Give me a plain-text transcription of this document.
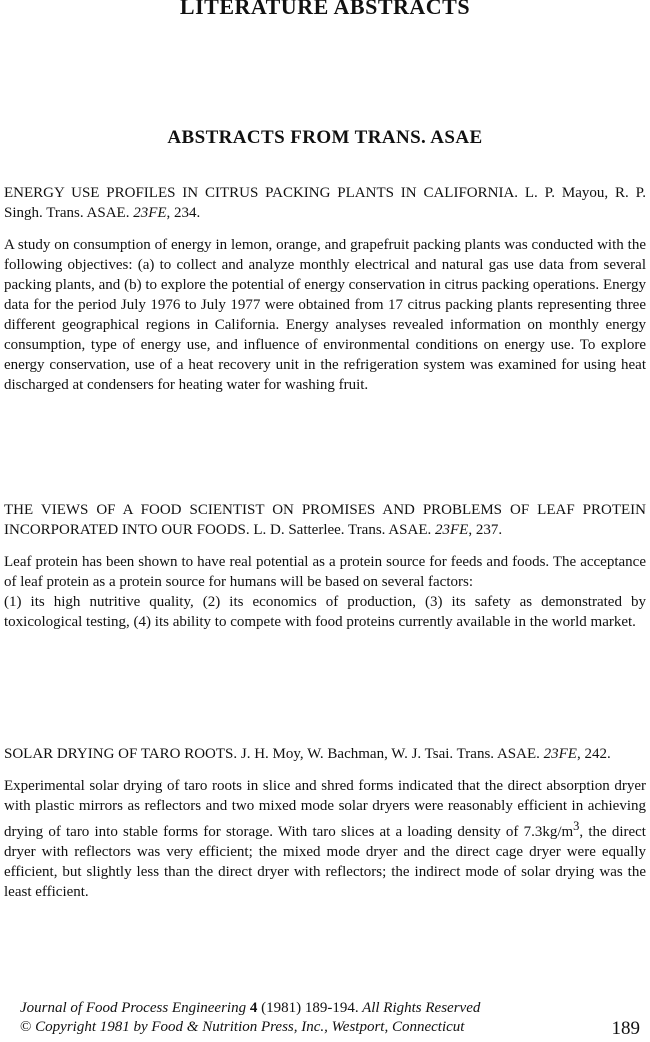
LITERATURE ABSTRACTS
ABSTRACTS FROM TRANS. ASAE

ENERGY USE PROFILES IN CITRUS PACKING PLANTS IN CALIFORNIA. L. P. Mayou, R. P. Singh. Trans. ASAE. 23FE, 234.

A study on consumption of energy in lemon, orange, and grapefruit packing plants was conducted with the following objectives: (a) to collect and analyze monthly electrical and natural gas use data from several packing plants, and (b) to explore the potential of energy conservation in citrus packing operations. Energy data for the period July 1976 to July 1977 were obtained from 17 citrus packing plants representing three different geographical regions in California. Energy analyses revealed information on monthly energy consumption, type of energy use, and influence of environmental conditions on energy use. To explore energy conservation, use of a heat recovery unit in the refrigeration system was examined for using heat discharged at condensers for heating water for washing fruit.

THE VIEWS OF A FOOD SCIENTIST ON PROMISES AND PROBLEMS OF LEAF PROTEIN INCORPORATED INTO OUR FOODS. L. D. Satterlee. Trans. ASAE. 23FE, 237.

Leaf protein has been shown to have real potential as a protein source for feeds and foods. The acceptance of leaf protein as a protein source for humans will be based on several factors:
(1) its high nutritive quality, (2) its economics of production, (3) its safety as demonstrated by toxicological testing, (4) its ability to compete with food proteins currently available in the world market.

SOLAR DRYING OF TARO ROOTS. J. H. Moy, W. Bachman, W. J. Tsai. Trans. ASAE. 23FE, 242.

Experimental solar drying of taro roots in slice and shred forms indicated that the direct absorption dryer with plastic mirrors as reflectors and two mixed mode solar dryers were reasonably efficient in achieving drying of taro into stable forms for storage. With taro slices at a loading density of $7.3kg/m^3$, the direct dryer with reflectors was very efficient; the mixed mode dryer and the direct cage dryer were equally efficient, but slightly less than the direct dryer with reflectors; the indirect mode of solar drying was the least efficient.

Journal of Food Process Engineering 4 (1981) 189-194. All Rights Reserved
© Copyright 1981 by Food & Nutrition Press, Inc., Westport, Connecticut	189
